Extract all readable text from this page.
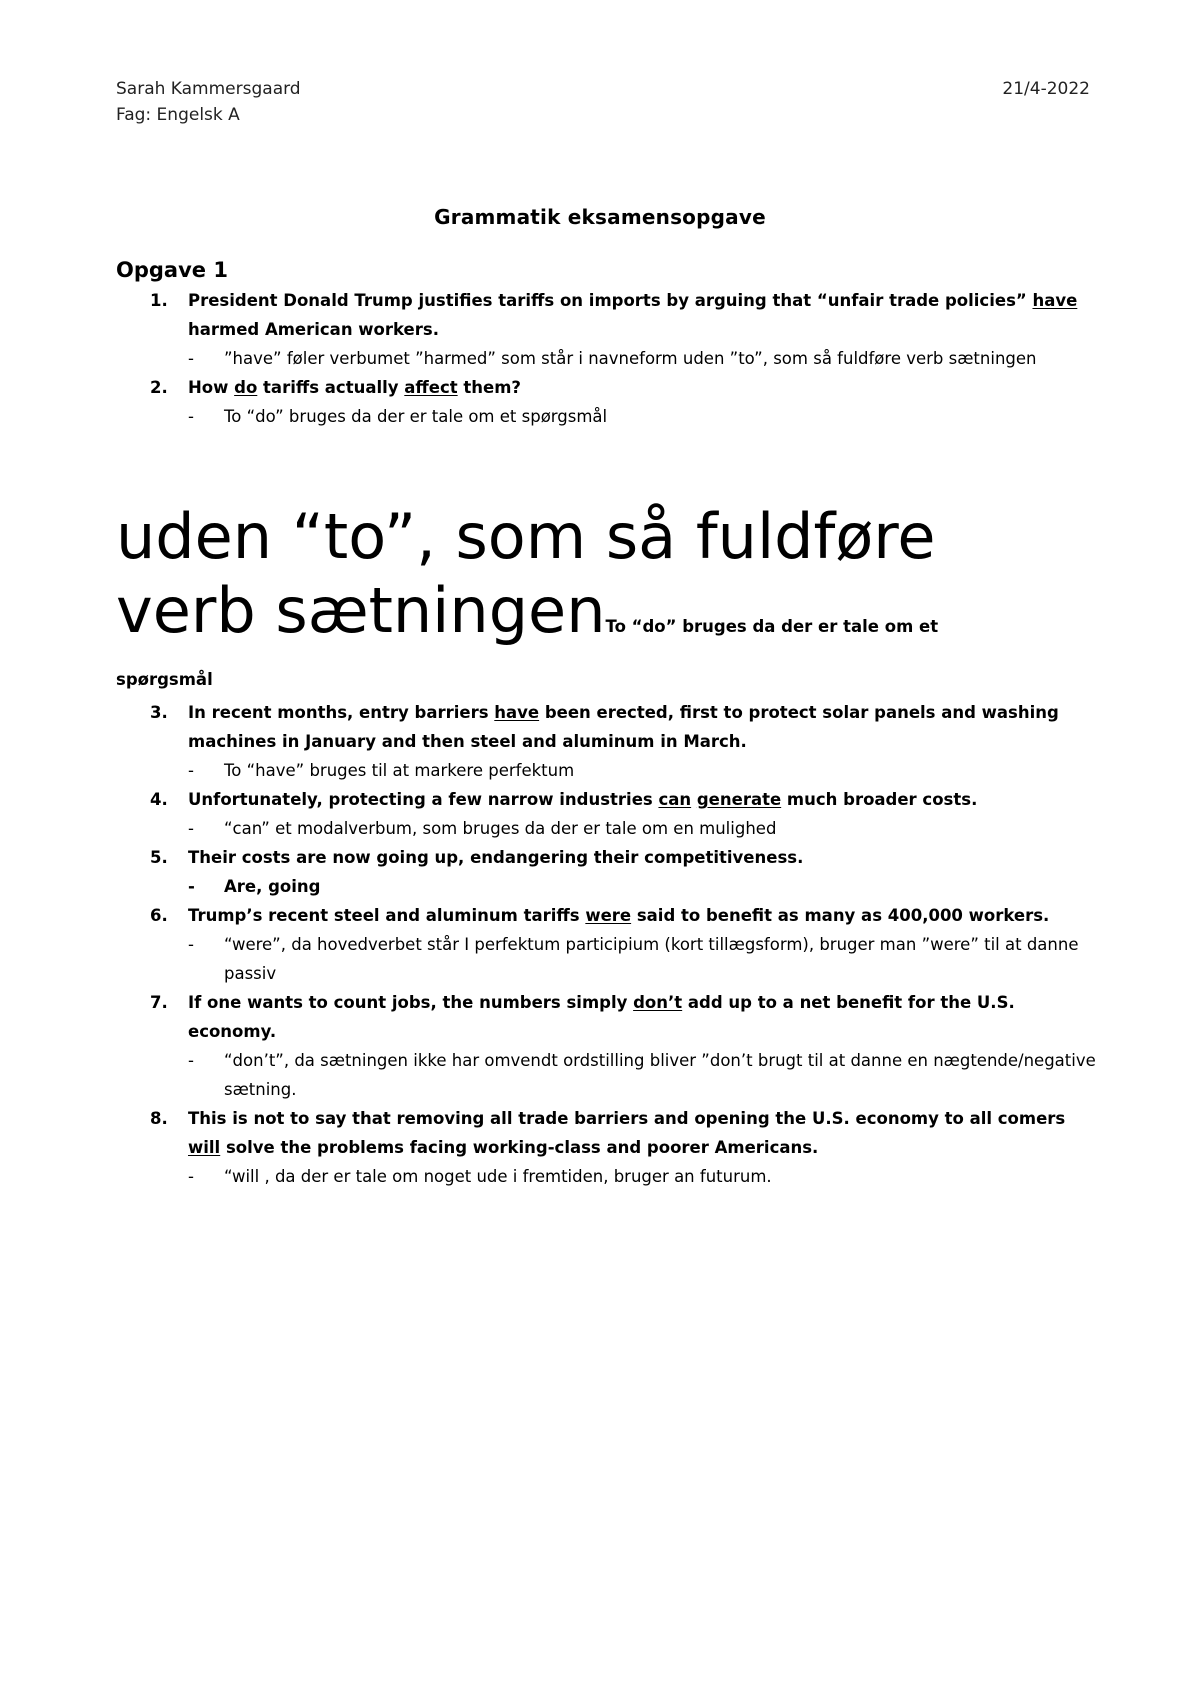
Sarah Kammersgaard
Fag: Engelsk A
21/4-2022
Grammatik eksamensopgave
Opgave 1
1. President Donald Trump justifies tariffs on imports by arguing that “unfair trade policies” have harmed American workers.
- ”have” føler verbumet ”harmed” som står i navneform uden ”to”, som så fuldføre verb sætningen
2. How do tariffs actually affect them?
- To “do” bruges da der er tale om et spørgsmål
uden “to”, som så fuldføre
verb sætningenTo “do” bruges da der er tale om et
spørgsmål
3. In recent months, entry barriers have been erected, first to protect solar panels and washing machines in January and then steel and aluminum in March.
- To “have” bruges til at markere perfektum
4. Unfortunately, protecting a few narrow industries can generate much broader costs.
- “can” et modalverbum, som bruges da der er tale om en mulighed
5. Their costs are now going up, endangering their competitiveness.
- Are, going
6. Trump’s recent steel and aluminum tariffs were said to benefit as many as 400,000 workers.
- “were”, da hovedverbet står I perfektum participium (kort tillægsform), bruger man ”were” til at danne passiv
7. If one wants to count jobs, the numbers simply don’t add up to a net benefit for the U.S. economy.
- “don’t”, da sætningen ikke har omvendt ordstilling bliver ”don’t brugt til at danne en nægtende/negative sætning.
8. This is not to say that removing all trade barriers and opening the U.S. economy to all comers will solve the problems facing working-class and poorer Americans.
- “will , da der er tale om noget ude i fremtiden, bruger an futurum.
